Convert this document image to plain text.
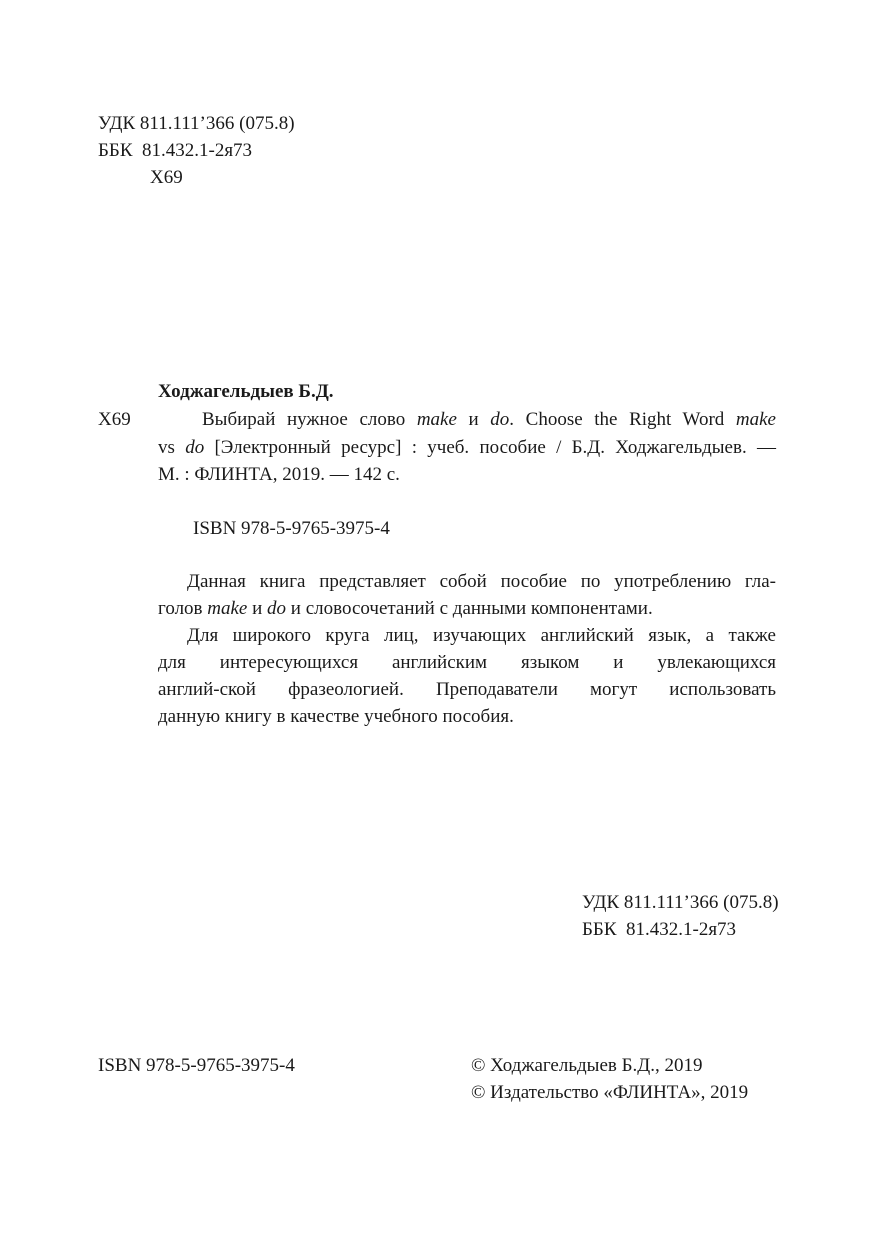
УДК 811.111’366 (075.8)
ББК  81.432.1-2я73
Х69
Ходжагельдыев Б.Д.
Х69	Выбирай нужное слово make и do. Choose the Right Word make
vs do [Электронный ресурс] : учеб. пособие / Б.Д. Ходжагельдыев. —
М. : ФЛИНТА, 2019. — 142 с.
ISBN 978-5-9765-3975-4
Данная книга представляет собой пособие по употреблению гла-
голов make и do и словосочетаний с данными компонентами.
Для широкого круга лиц, изучающих английский язык, а также
для интересующихся английским языком и увлекающихся
англий-ской фразеологией. Преподаватели могут использовать
данную книгу в качестве учебного пособия.
УДК 811.111’366 (075.8)
ББК  81.432.1-2я73
ISBN 978-5-9765-3975-4	© Ходжагельдыев Б.Д., 2019
© Издательство «ФЛИНТА», 2019
